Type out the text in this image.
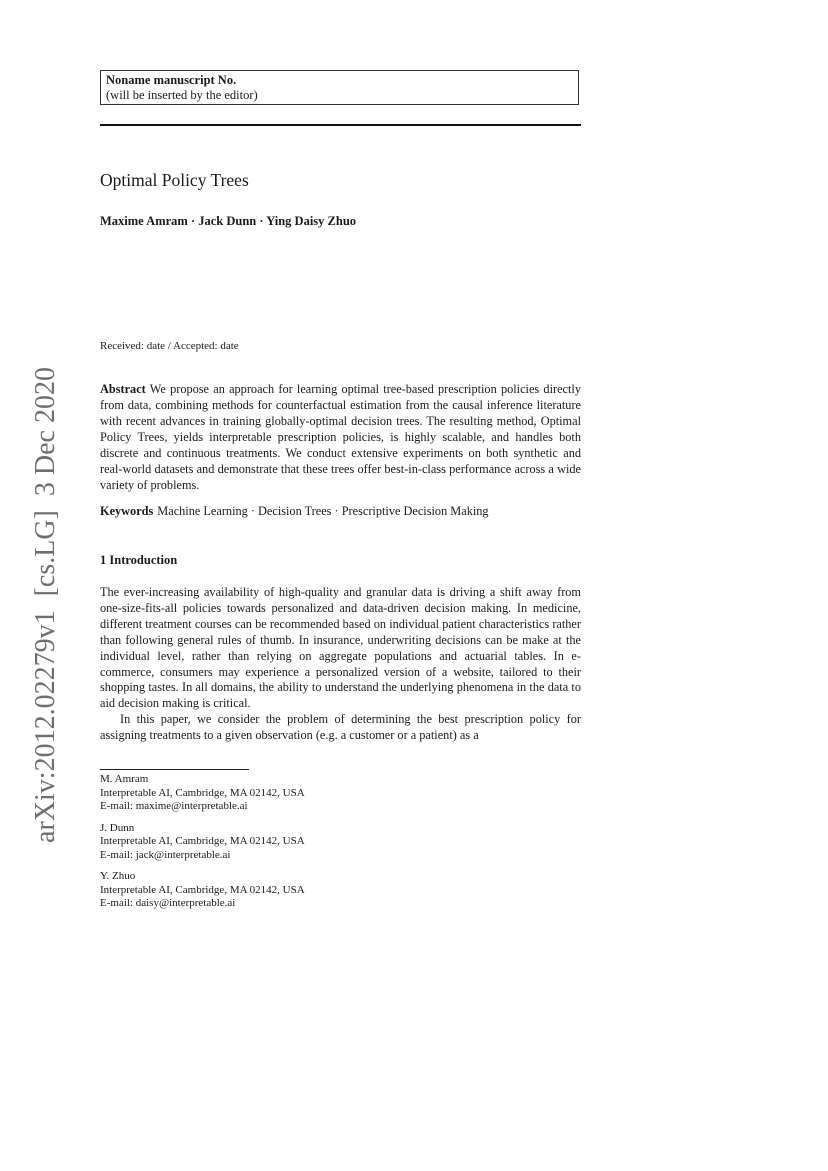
Noname manuscript No.
(will be inserted by the editor)
Optimal Policy Trees
Maxime Amram · Jack Dunn · Ying Daisy Zhuo
Received: date / Accepted: date
Abstract We propose an approach for learning optimal tree-based prescription policies directly from data, combining methods for counterfactual estimation from the causal inference literature with recent advances in training globally-optimal decision trees. The resulting method, Optimal Policy Trees, yields interpretable prescription policies, is highly scalable, and handles both discrete and continuous treatments. We conduct extensive experiments on both synthetic and real-world datasets and demonstrate that these trees offer best-in-class performance across a wide variety of problems.
Keywords Machine Learning · Decision Trees · Prescriptive Decision Making
1 Introduction

The ever-increasing availability of high-quality and granular data is driving a shift away from one-size-fits-all policies towards personalized and data-driven decision making. In medicine, different treatment courses can be recommended based on individual patient characteristics rather than following general rules of thumb. In insurance, underwriting decisions can be make at the individual level, rather than relying on aggregate populations and actuarial tables. In e-commerce, consumers may experience a personalized version of a website, tailored to their shopping tastes. In all domains, the ability to understand the underlying phenomena in the data to aid decision making is critical.

In this paper, we consider the problem of determining the best prescription policy for assigning treatments to a given observation (e.g. a customer or a patient) as a

M. Amram
Interpretable AI, Cambridge, MA 02142, USA
E-mail: maxime@interpretable.ai
J. Dunn
Interpretable AI, Cambridge, MA 02142, USA
E-mail: jack@interpretable.ai
Y. Zhuo
Interpretable AI, Cambridge, MA 02142, USA
E-mail: daisy@interpretable.ai
arXiv:2012.02279v1  [cs.LG]  3 Dec 2020
